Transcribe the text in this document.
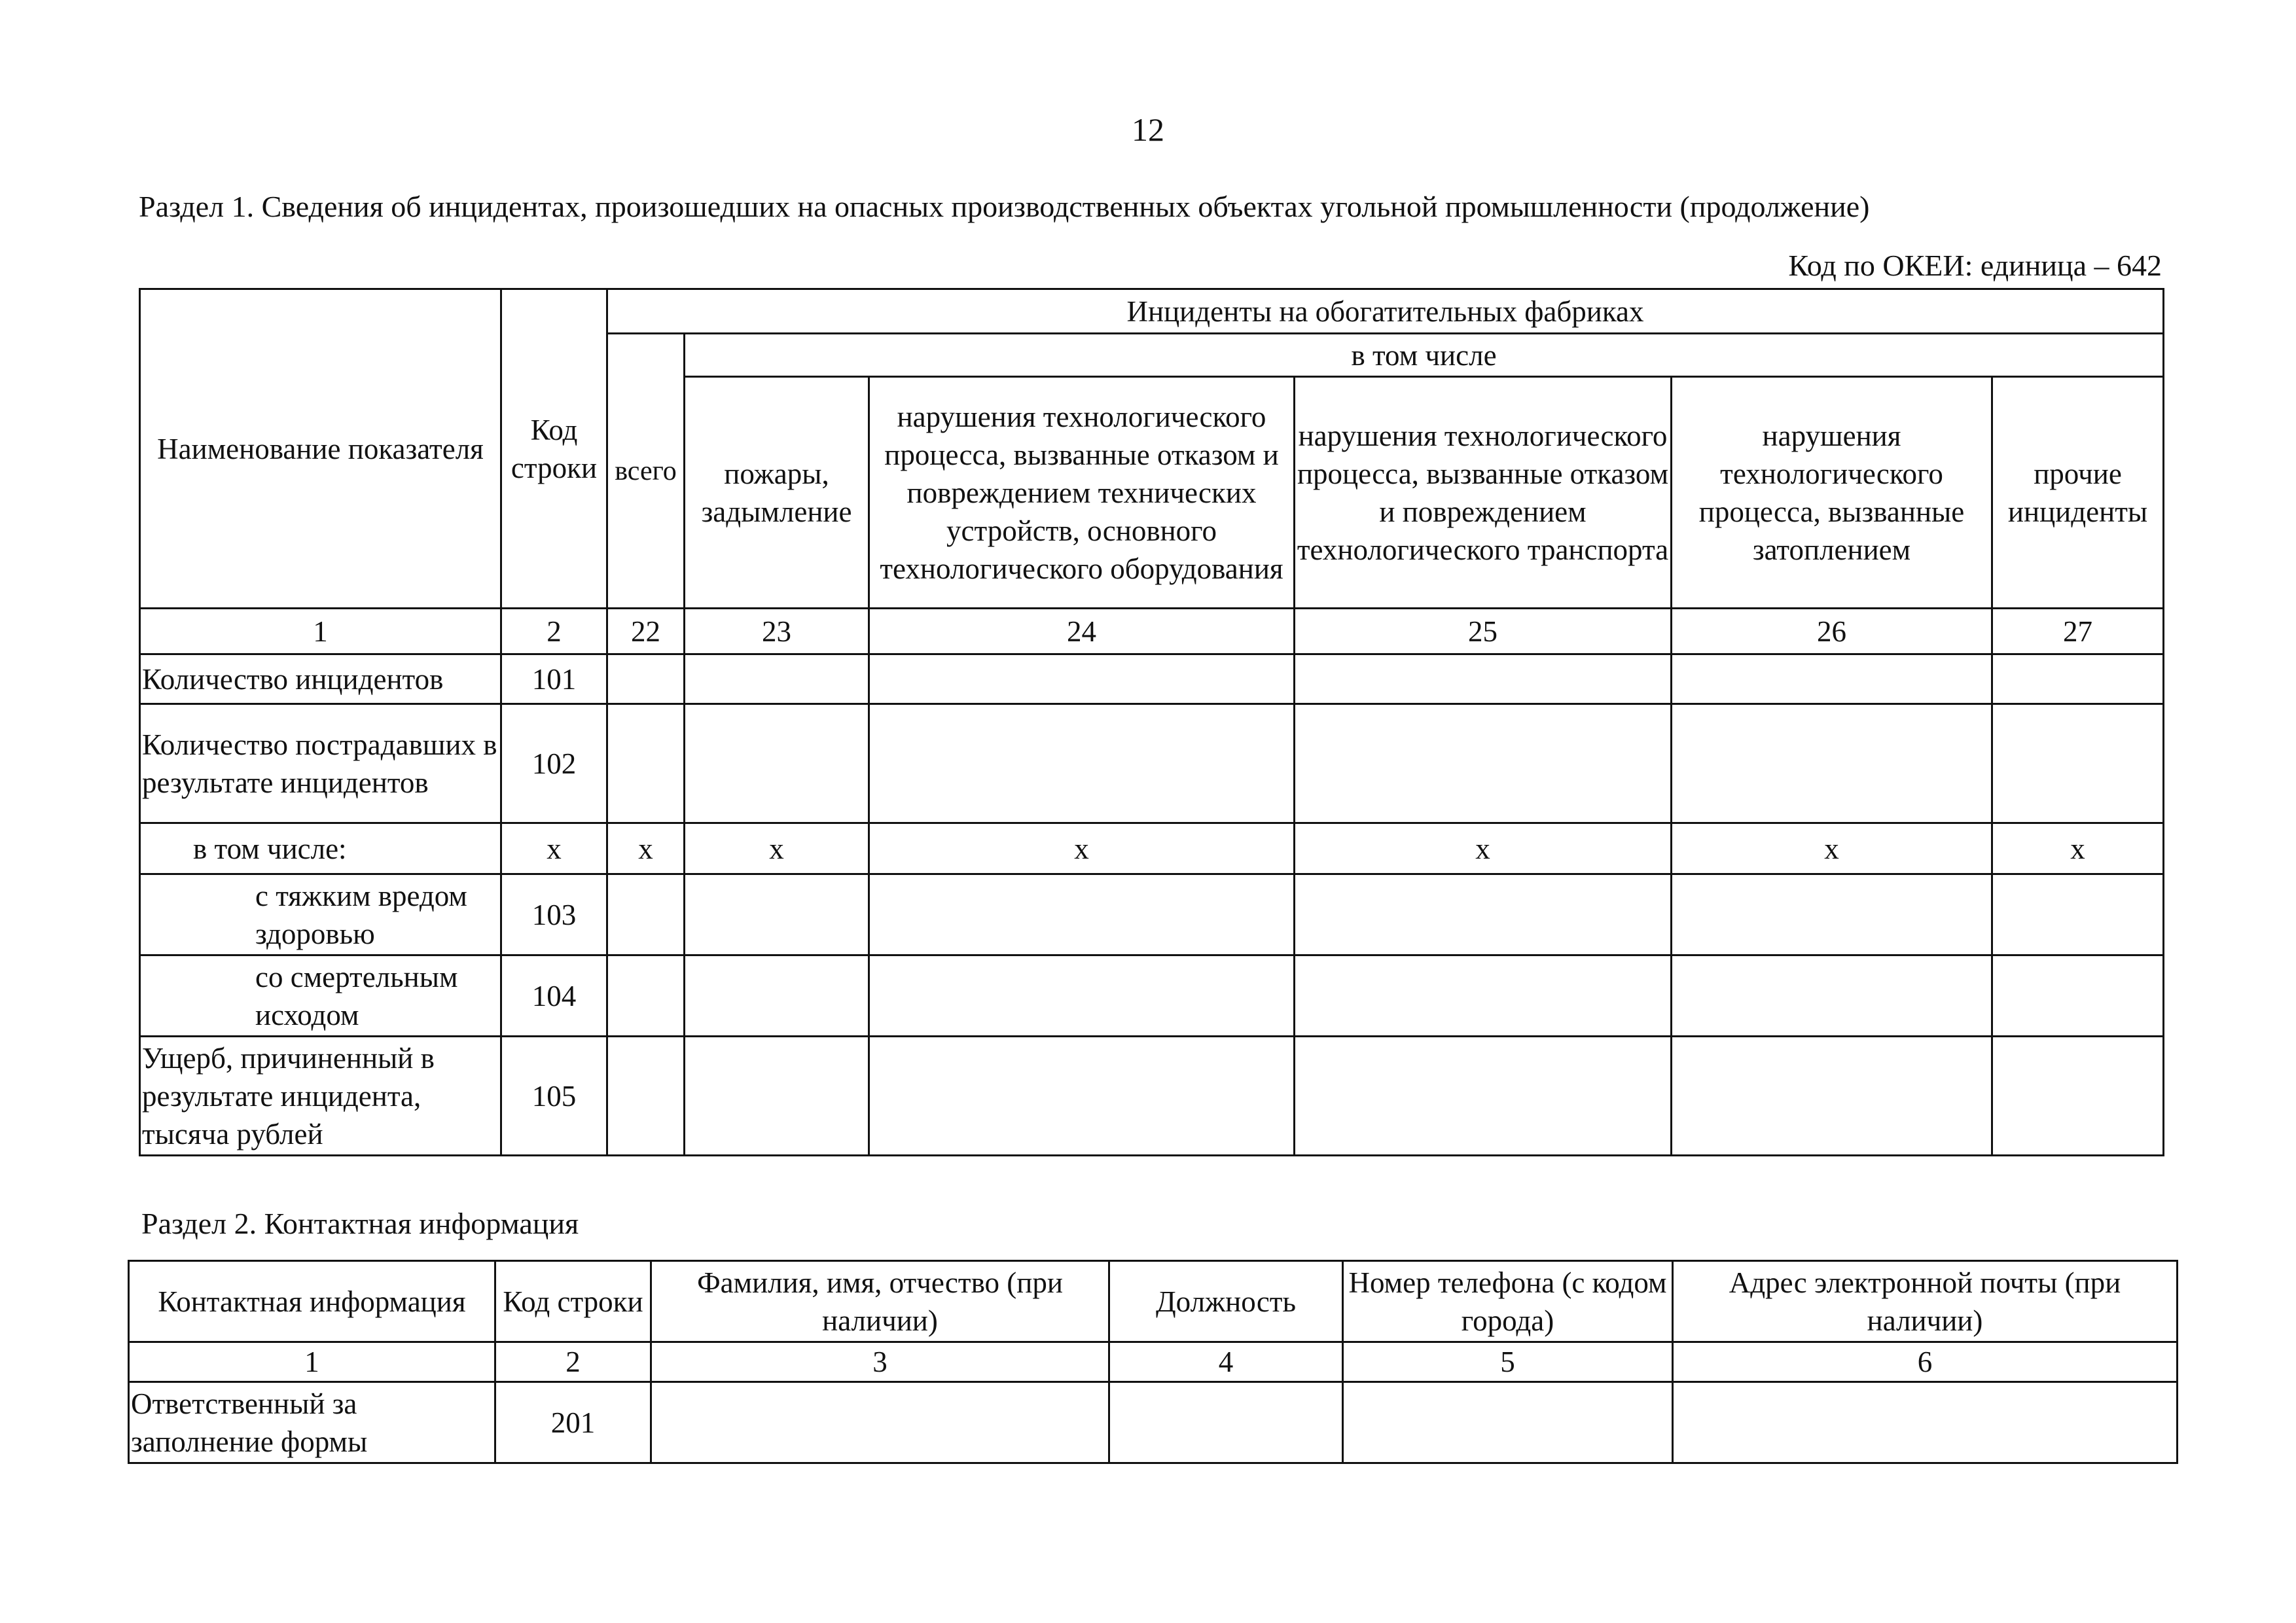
12
Раздел 1. Сведения об инцидентах, произошедших на опасных производственных объектах угольной промышленности (продолжение)
Код по ОКЕИ: единица – 642
Наименование показателя	Код строки	Инциденты на обогатительных фабриках					
		всего	в том числе				
			пожары, задымление	нарушения технологического процесса, вызванные отказом и повреждением технических устройств, основного технологического оборудования	нарушения технологического процесса, вызванные отказом и повреждением технологического транспорта	нарушения технологического процесса, вызванные затоплением	прочие инциденты
1	2	22	23	24	25	26	27
Количество инцидентов	101						
Количество пострадавших в результате инцидентов	102						
в том числе:	x	x	x	x	x	x	x
с тяжким вредом здоровью	103						
со смертельным исходом	104						
Ущерб, причиненный в результате инцидента, тысяча рублей	105						
Раздел 2. Контактная информация
Контактная информация	Код строки	Фамилия, имя, отчество (при наличии)	Должность	Номер телефона (с кодом города)	Адрес электронной почты (при наличии)
1	2	3	4	5	6
Ответственный за заполнение формы	201				
